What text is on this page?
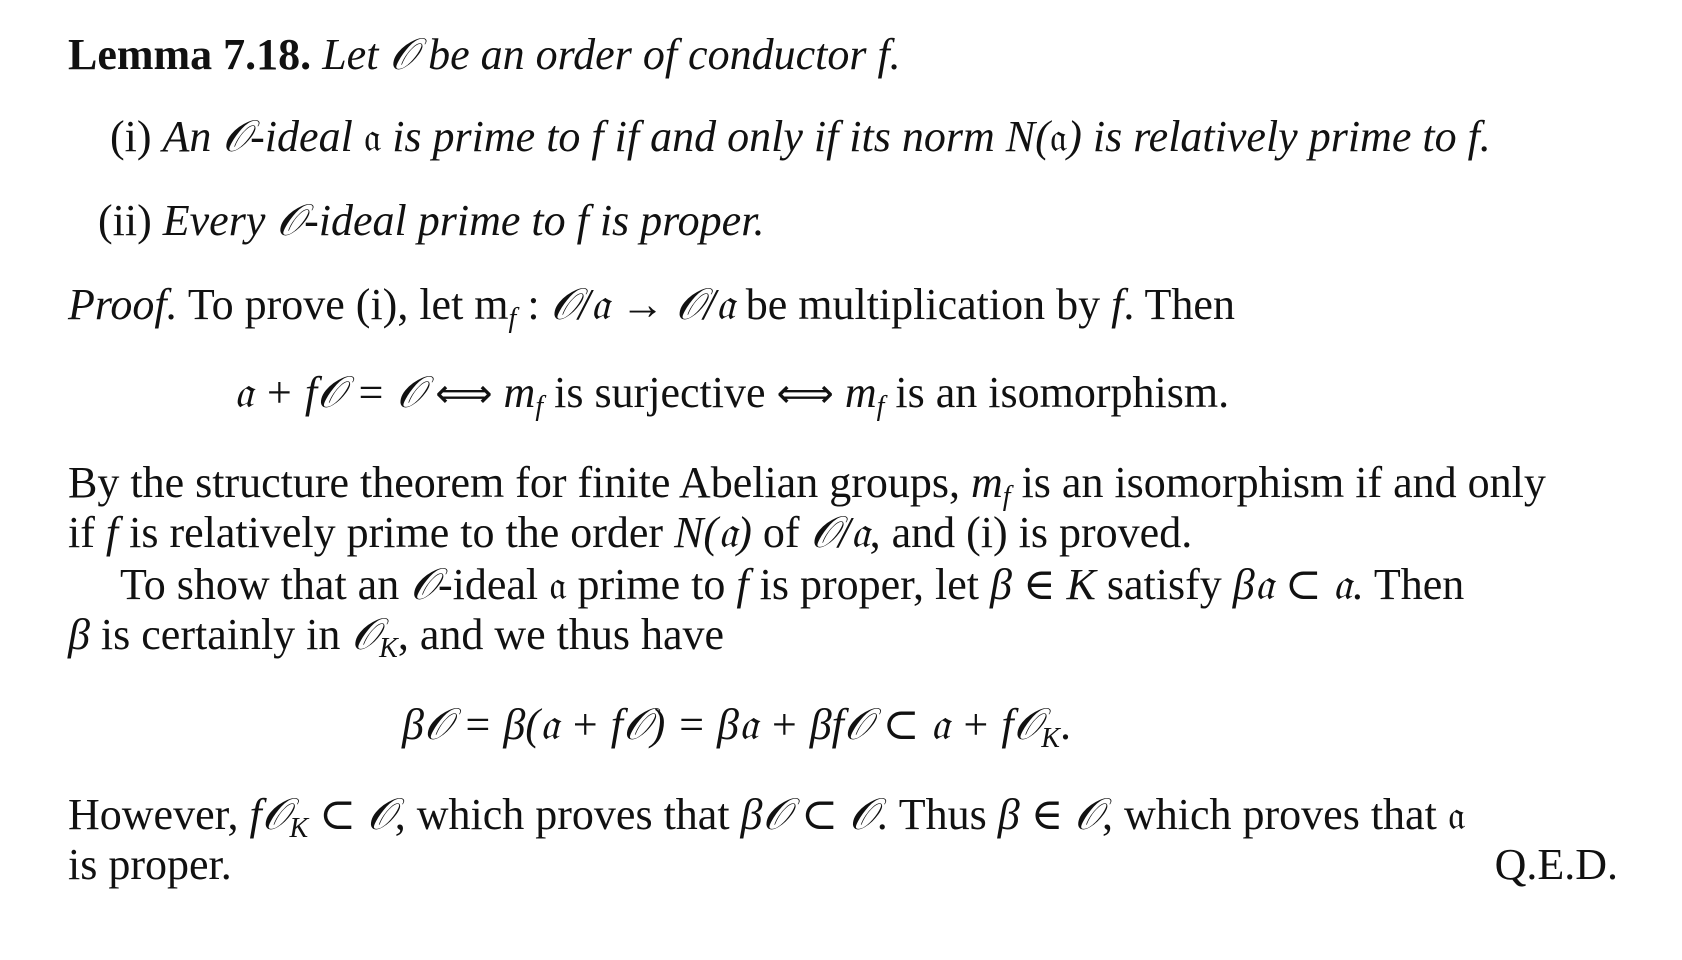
Lemma 7.18. Let 𝒪 be an order of conductor f.
(i) An 𝒪-ideal 𝔞 is prime to f if and only if its norm N(𝔞) is relatively prime to f.
(ii) Every 𝒪-ideal prime to f is proper.
Proof. To prove (i), let $m_f$ : 𝒪/𝔞 → 𝒪/𝔞 be multiplication by f. Then
𝔞 + f𝒪 = 𝒪 ⟺ $m_f$ is surjective ⟺ $m_f$ is an isomorphism.
By the structure theorem for finite Abelian groups, $m_f$ is an isomorphism if and only
if f is relatively prime to the order N(𝔞) of 𝒪/𝔞, and (i) is proved.
To show that an 𝒪-ideal 𝔞 prime to f is proper, let β ∈ K satisfy β𝔞 ⊂ 𝔞. Then
β is certainly in 𝒪$_K$, and we thus have
β𝒪 = β(𝔞 + f𝒪) = β𝔞 + βf𝒪 ⊂ 𝔞 + f𝒪$_K$.
However, f𝒪$_K$ ⊂ 𝒪, which proves that β𝒪 ⊂ 𝒪. Thus β ∈ 𝒪, which proves that 𝔞
is proper.	Q.E.D.
